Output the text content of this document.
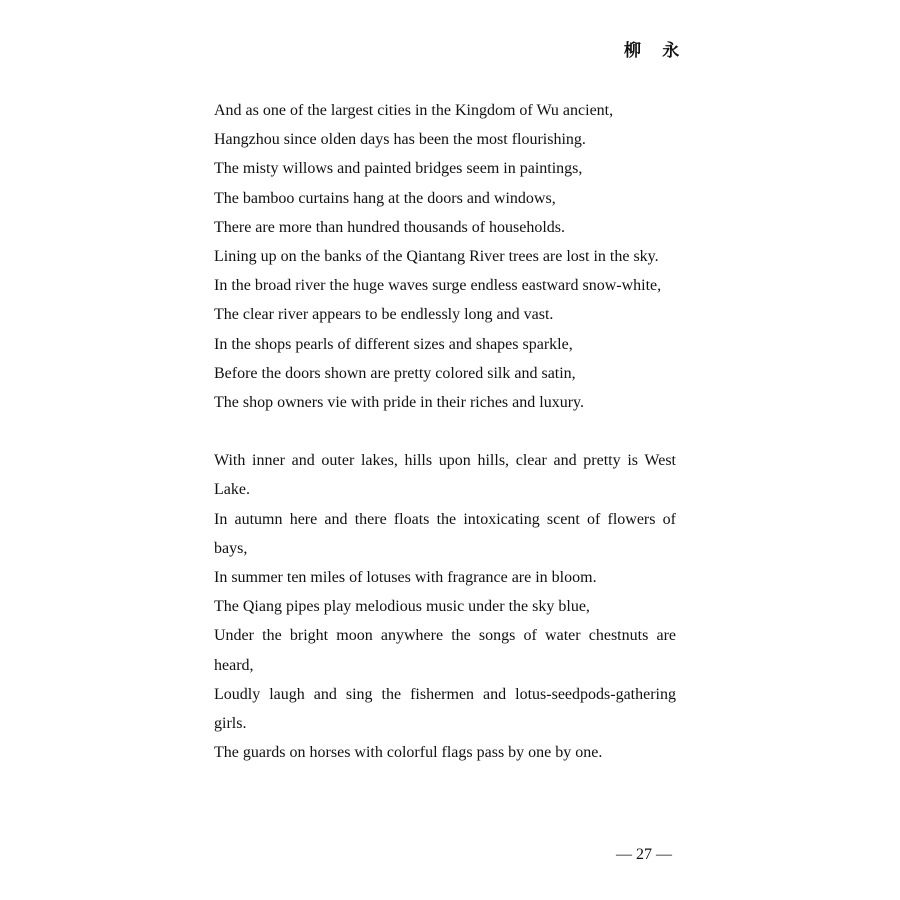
柳 永

And as one of the largest cities in the Kingdom of Wu ancient,

Hangzhou since olden days has been the most flourishing.

The misty willows and painted bridges seem in paintings,

The bamboo curtains hang at the doors and windows,

There are more than hundred thousands of households.

Lining up on the banks of the Qiantang River trees are lost in the sky.

In the broad river the huge waves surge endless eastward snow-white,

The clear river appears to be endlessly long and vast.

In the shops pearls of different sizes and shapes sparkle,

Before the doors shown are pretty colored silk and satin,

The shop owners vie with pride in their riches and luxury.

With inner and outer lakes, hills upon hills, clear and pretty is West Lake.

In autumn here and there floats the intoxicating scent of flowers of bays,

In summer ten miles of lotuses with fragrance are in bloom.

The Qiang pipes play melodious music under the sky blue,

Under the bright moon anywhere the songs of water chestnuts are heard,

Loudly laugh and sing the fishermen and lotus-seedpods-gathering girls.

The guards on horses with colorful flags pass by one by one.

— 27 —
